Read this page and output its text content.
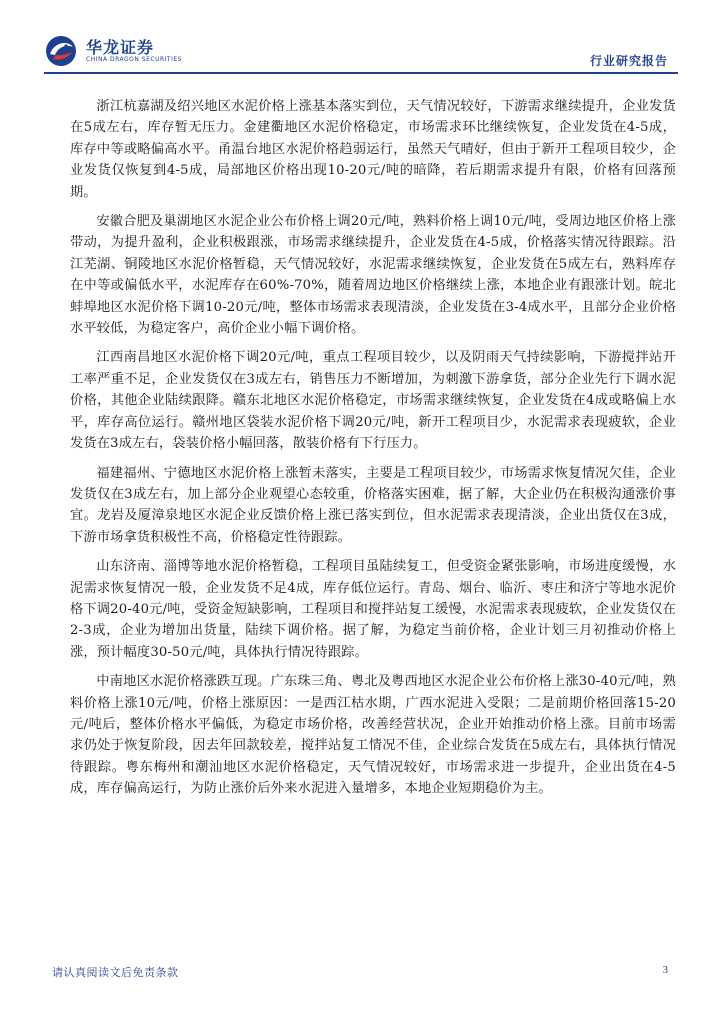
华龙证券
CHINA DRAGON SECURITIES	行业研究报告

浙江杭嘉湖及绍兴地区水泥价格上涨基本落实到位，天气情况较好，下游需求继续提升，企业发货在5成左右，库存暂无压力。金建衢地区水泥价格稳定，市场需求环比继续恢复，企业发货在4-5成，库存中等或略偏高水平。甬温台地区水泥价格趋弱运行，虽然天气晴好，但由于新开工程项目较少，企业发货仅恢复到4-5成，局部地区价格出现10-20元/吨的暗降，若后期需求提升有限，价格有回落预期。

安徽合肥及巢湖地区水泥企业公布价格上调20元/吨，熟料价格上调10元/吨，受周边地区价格上涨带动，为提升盈利，企业积极跟涨，市场需求继续提升，企业发货在4-5成，价格落实情况待跟踪。沿江芜湖、铜陵地区水泥价格暂稳，天气情况较好，水泥需求继续恢复，企业发货在5成左右，熟料库存在中等或偏低水平，水泥库存在60%-70%，随着周边地区价格继续上涨，本地企业有跟涨计划。皖北蚌埠地区水泥价格下调10-20元/吨，整体市场需求表现清淡，企业发货在3-4成水平，且部分企业价格水平较低，为稳定客户，高价企业小幅下调价格。

江西南昌地区水泥价格下调20元/吨，重点工程项目较少，以及阴雨天气持续影响，下游搅拌站开工率严重不足，企业发货仅在3成左右，销售压力不断增加，为刺激下游拿货，部分企业先行下调水泥价格，其他企业陆续跟降。赣东北地区水泥价格稳定，市场需求继续恢复，企业发货在4成或略偏上水平，库存高位运行。赣州地区袋装水泥价格下调20元/吨，新开工程项目少，水泥需求表现疲软，企业发货在3成左右，袋装价格小幅回落，散装价格有下行压力。

福建福州、宁德地区水泥价格上涨暂未落实，主要是工程项目较少，市场需求恢复情况欠佳，企业发货仅在3成左右，加上部分企业观望心态较重，价格落实困难，据了解，大企业仍在积极沟通涨价事宜。龙岩及厦漳泉地区水泥企业反馈价格上涨已落实到位，但水泥需求表现清淡，企业出货仅在3成，下游市场拿货积极性不高，价格稳定性待跟踪。

山东济南、淄博等地水泥价格暂稳，工程项目虽陆续复工，但受资金紧张影响，市场进度缓慢，水泥需求恢复情况一般，企业发货不足4成，库存低位运行。青岛、烟台、临沂、枣庄和济宁等地水泥价格下调20-40元/吨，受资金短缺影响，工程项目和搅拌站复工缓慢，水泥需求表现疲软，企业发货仅在2-3成，企业为增加出货量，陆续下调价格。据了解，为稳定当前价格，企业计划三月初推动价格上涨，预计幅度30-50元/吨，具体执行情况待跟踪。

中南地区水泥价格涨跌互现。广东珠三角、粤北及粤西地区水泥企业公布价格上涨30-40元/吨，熟料价格上涨10元/吨，价格上涨原因：一是西江枯水期，广西水泥进入受限；二是前期价格回落15-20元/吨后，整体价格水平偏低，为稳定市场价格，改善经营状况，企业开始推动价格上涨。目前市场需求仍处于恢复阶段，因去年回款较差，搅拌站复工情况不佳，企业综合发货在5成左右，具体执行情况待跟踪。粤东梅州和潮汕地区水泥价格稳定，天气情况较好，市场需求进一步提升，企业出货在4-5成，库存偏高运行，为防止涨价后外来水泥进入量增多，本地企业短期稳价为主。

请认真阅读文后免责条款	3
